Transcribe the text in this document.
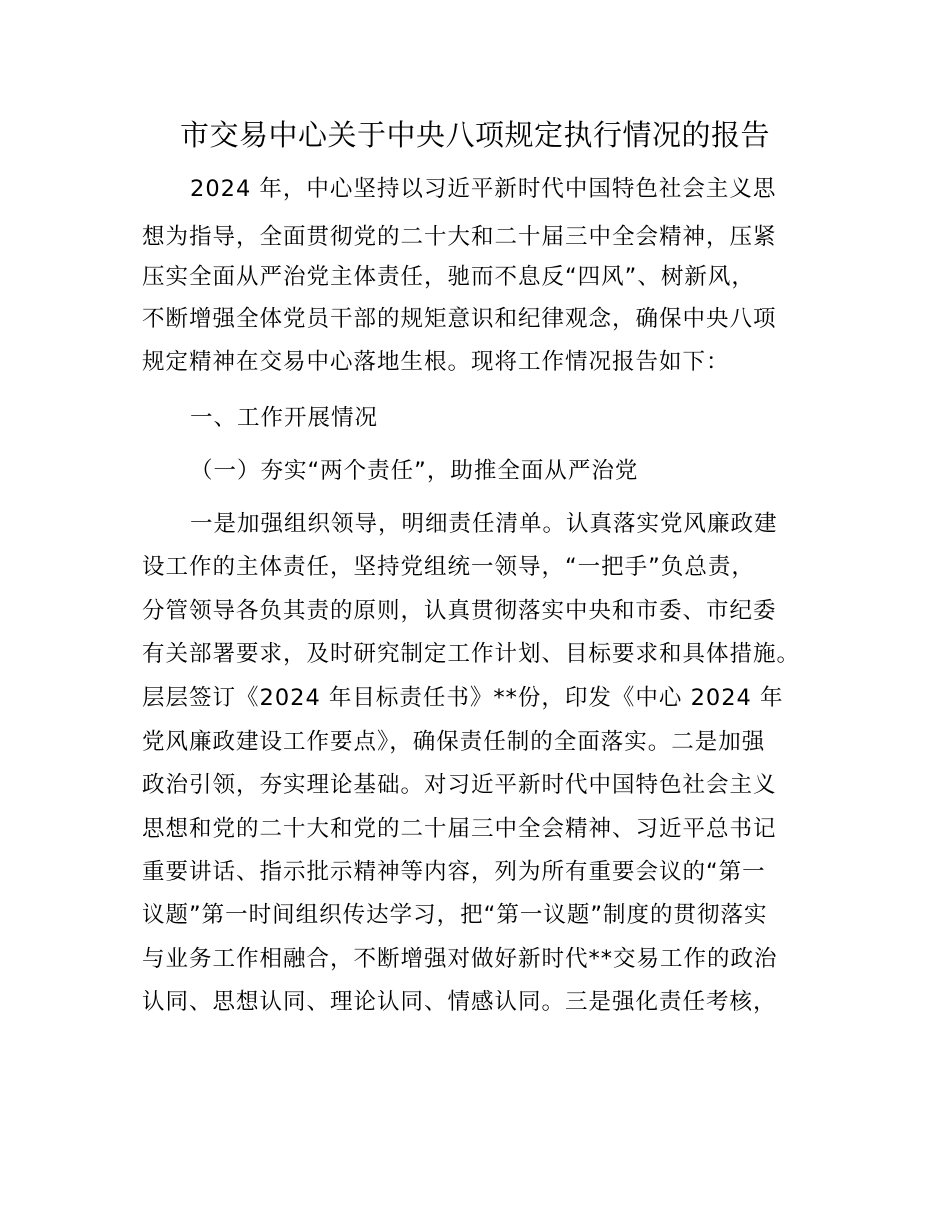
市交易中心关于中央八项规定执行情况的报告
2024 年，中心坚持以习近平新时代中国特色社会主义思
想为指导，全面贯彻党的二十大和二十届三中全会精神，压紧
压实全面从严治党主体责任，驰而不息反“四风”、树新风，
不断增强全体党员干部的规矩意识和纪律观念，确保中央八项
规定精神在交易中心落地生根。现将工作情况报告如下：
一、工作开展情况
（一）夯实“两个责任”，助推全面从严治党
一是加强组织领导，明细责任清单。认真落实党风廉政建
设工作的主体责任，坚持党组统一领导，“一把手”负总责，
分管领导各负其责的原则，认真贯彻落实中央和市委、市纪委
有关部署要求，及时研究制定工作计划、目标要求和具体措施。
层层签订《2024 年目标责任书》**份，印发《中心 2024 年
党风廉政建设工作要点》，确保责任制的全面落实。二是加强
政治引领，夯实理论基础。对习近平新时代中国特色社会主义
思想和党的二十大和党的二十届三中全会精神、习近平总书记
重要讲话、指示批示精神等内容，列为所有重要会议的“第一
议题”第一时间组织传达学习，把“第一议题”制度的贯彻落实
与业务工作相融合，不断增强对做好新时代**交易工作的政治
认同、思想认同、理论认同、情感认同。三是强化责任考核，
